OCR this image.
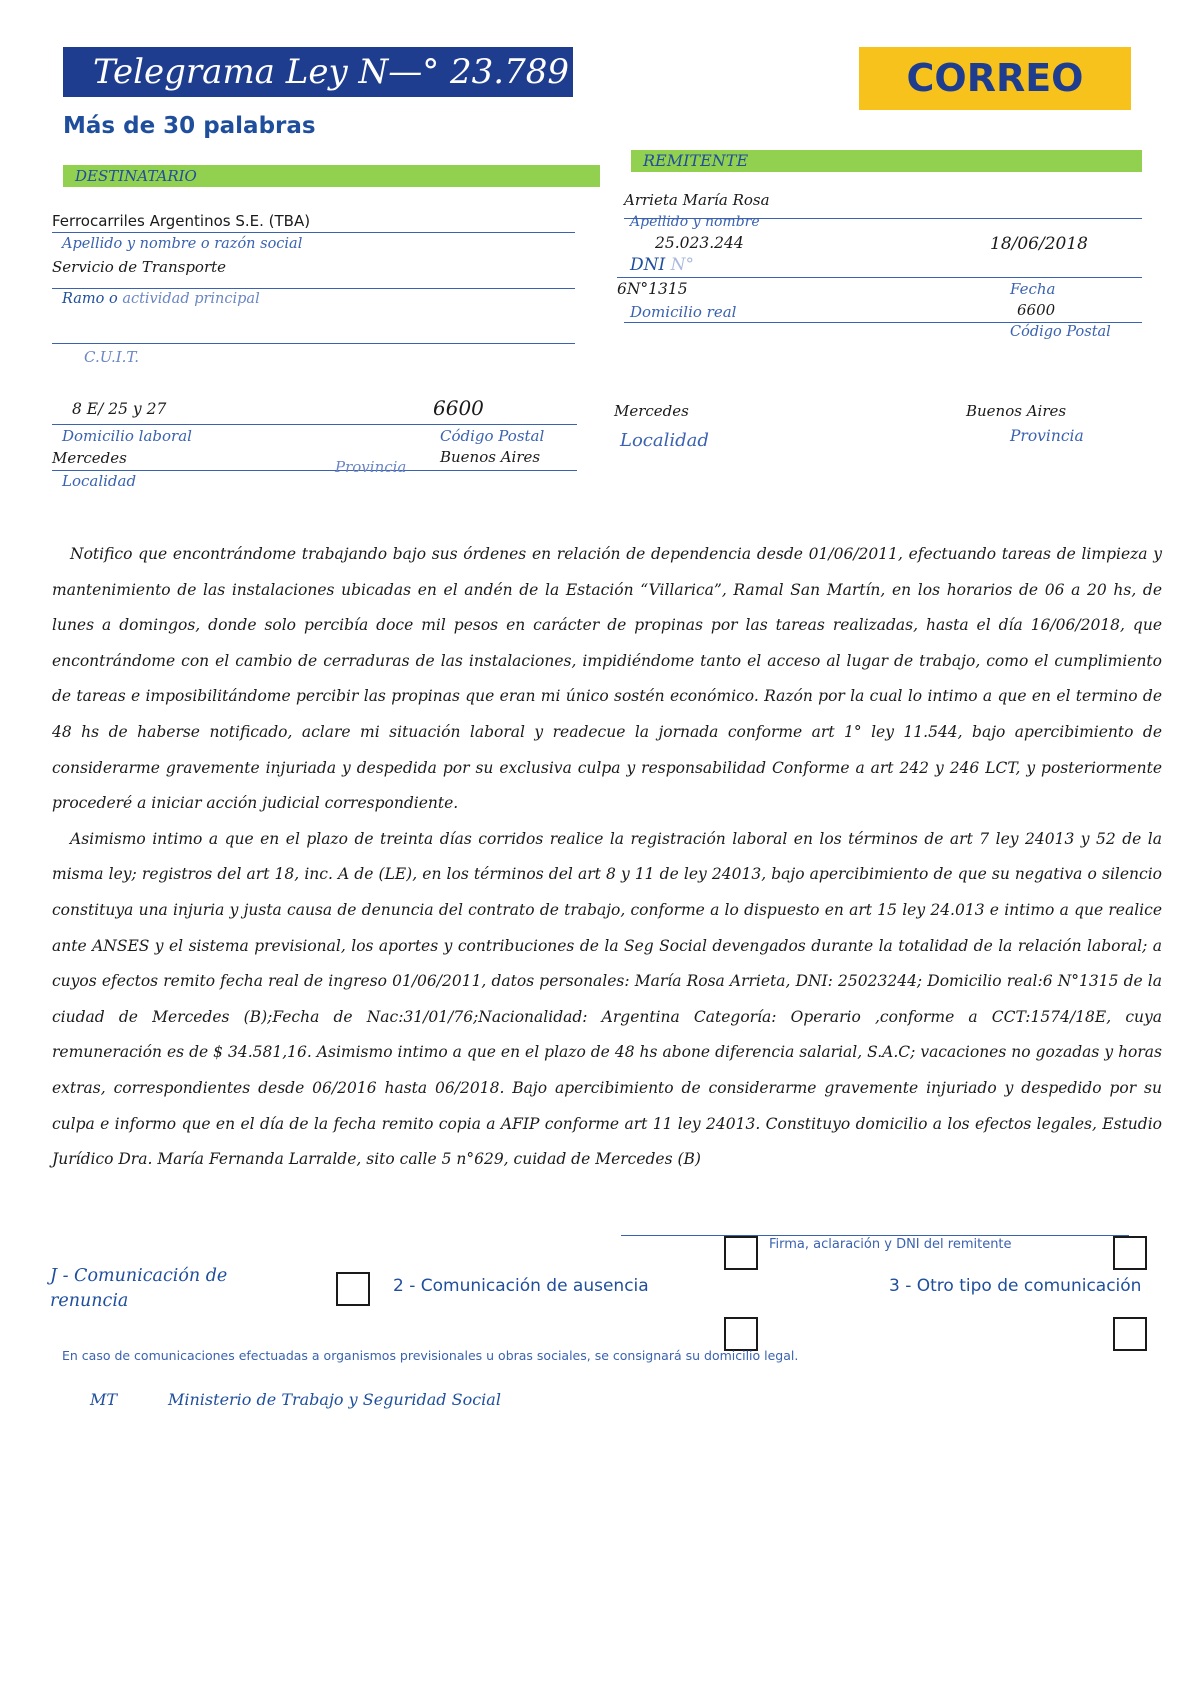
Telegrama Ley N—° 23.789	CORREO
Más de 30 palabras
DESTINATARIO
Ferrocarriles Argentinos S.E. (TBA)
Apellido y nombre o razón social
Servicio de Transporte
Ramo o actividad principal
C.U.I.T.
8 E/ 25 y 27	6600
Domicilio laboral	Código Postal
Mercedes	Buenos Aires
Provincia
Localidad
REMITENTE
Arrieta María Rosa
Apellido y nombre
25.023.244	18/06/2018
DNI N°
Fecha
6N°1315
6600
Domicilio real
Código Postal
Mercedes	Buenos Aires
Localidad	Provincia

Notifico que encontrándome trabajando bajo sus órdenes en relación de dependencia desde 01/06/2011, efectuando tareas de limpieza y mantenimiento de las instalaciones ubicadas en el andén de la Estación “Villarica”, Ramal San Martín, en los horarios de 06 a 20 hs, de lunes a domingos, donde solo percibía doce mil pesos en carácter de propinas por las tareas realizadas, hasta el día 16/06/2018, que encontrándome con el cambio de cerraduras de las instalaciones, impidiéndome tanto el acceso al lugar de trabajo, como el cumplimiento de tareas e imposibilitándome percibir las propinas que eran mi único sostén económico. Razón por la cual lo intimo a que en el termino de 48 hs de haberse notificado, aclare mi situación laboral y readecue la jornada conforme art 1° ley 11.544, bajo apercibimiento de considerarme gravemente injuriada y despedida por su exclusiva culpa y responsabilidad Conforme a art 242 y 246 LCT, y posteriormente procederé a iniciar acción judicial correspondiente.

Asimismo intimo a que en el plazo de treinta días corridos realice la registración laboral en los términos de art 7 ley 24013 y 52 de la misma ley; registros del art 18, inc. A de (LE), en los términos del art 8 y 11 de ley 24013, bajo apercibimiento de que su negativa o silencio constituya una injuria y justa causa de denuncia del contrato de trabajo, conforme a lo dispuesto en art 15 ley 24.013 e intimo a que realice ante ANSES y el sistema previsional, los aportes y contribuciones de la Seg Social devengados durante la totalidad de la relación laboral; a cuyos efectos remito fecha real de ingreso 01/06/2011, datos personales: María Rosa Arrieta, DNI: 25023244; Domicilio real:6 N°1315 de la ciudad de Mercedes (B);Fecha de Nac:31/01/76;Nacionalidad: Argentina Categoría: Operario ,conforme a CCT:1574/18E, cuya remuneración es de $ 34.581,16. Asimismo intimo a que en el plazo de 48 hs abone diferencia salarial, S.A.C; vacaciones no gozadas y horas extras, correspondientes desde 06/2016 hasta 06/2018. Bajo apercibimiento de considerarme gravemente injuriado y despedido por su culpa e informo que en el día de la fecha remito copia a AFIP conforme art 11 ley 24013. Constituyo domicilio a los efectos legales, Estudio Jurídico Dra. María Fernanda Larralde, sito calle 5 n°629, cuidad de Mercedes (B)

Firma, aclaración y DNI del remitente
J - Comunicación de renuncia
2 - Comunicación de ausencia	3 - Otro tipo de comunicación
En caso de comunicaciones efectuadas a organismos previsionales u obras sociales, se consignará su domicilio legal.
MT	Ministerio de Trabajo y Seguridad Social
